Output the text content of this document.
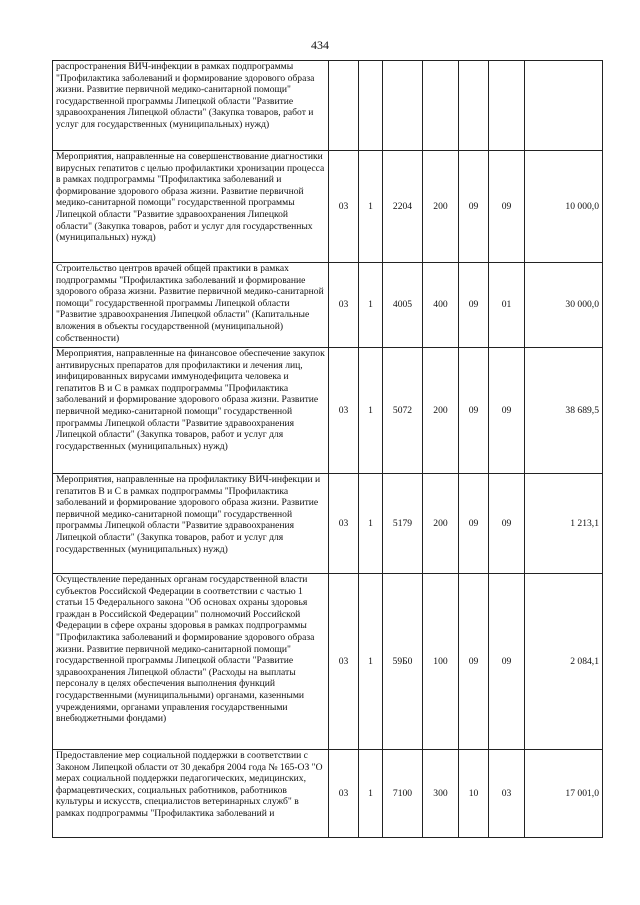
434
распространения ВИЧ-инфекции в рамках подпрограммы "Профилактика заболеваний и формирование здорового образа жизни. Развитие первичной медико-санитарной помощи" государственной программы Липецкой области "Развитие здравоохранения Липецкой области" (Закупка товаров, работ и услуг для государственных (муниципальных) нужд)							
Мероприятия, направленные на совершенствование диагностики вирусных гепатитов с целью профилактики хронизации процесса в рамках подпрограммы "Профилактика заболеваний и формирование здорового образа жизни. Развитие первичной медико-санитарной помощи" государственной программы Липецкой области "Развитие здравоохранения Липецкой области" (Закупка товаров, работ и услуг для государственных (муниципальных) нужд)	03	1	2204	200	09	09	10 000,0
Строительство центров врачей общей практики в рамках подпрограммы "Профилактика заболеваний и формирование здорового образа жизни. Развитие первичной медико-санитарной помощи" государственной программы Липецкой области "Развитие здравоохранения Липецкой области" (Капитальные вложения в объекты государственной (муниципальной) собственности)	03	1	4005	400	09	01	30 000,0
Мероприятия, направленные на финансовое обеспечение закупок антивирусных препаратов для профилактики и лечения лиц, инфицированных вирусами иммунодефицита человека и гепатитов В и С в рамках подпрограммы "Профилактика заболеваний и формирование здорового образа жизни. Развитие первичной медико-санитарной помощи" государственной программы Липецкой области "Развитие здравоохранения Липецкой области" (Закупка товаров, работ и услуг для государственных (муниципальных) нужд)	03	1	5072	200	09	09	38 689,5
Мероприятия, направленные на профилактику ВИЧ-инфекции и гепатитов В и С в рамках подпрограммы "Профилактика заболеваний и формирование здорового образа жизни. Развитие первичной медико-санитарной помощи" государственной программы Липецкой области "Развитие здравоохранения Липецкой области" (Закупка товаров, работ и услуг для государственных (муниципальных) нужд)	03	1	5179	200	09	09	1 213,1
Осуществление переданных органам государственной власти субъектов Российской Федерации в соответствии с частью 1 статьи 15 Федерального закона "Об основах охраны здоровья граждан в Российской Федерации" полномочий Российской Федерации в сфере охраны здоровья в рамках подпрограммы "Профилактика заболеваний и формирование здорового образа жизни. Развитие первичной медико-санитарной помощи" государственной программы Липецкой области "Развитие здравоохранения Липецкой области" (Расходы на выплаты персоналу в целях обеспечения выполнения функций государственными (муниципальными) органами, казенными учреждениями, органами управления государственными внебюджетными фондами)	03	1	59Б0	100	09	09	2 084,1
Предоставление мер социальной поддержки в соответствии с Законом Липецкой области от 30 декабря 2004 года № 165-ОЗ "О мерах социальной поддержки педагогических, медицинских, фармацевтических, социальных работников, работников культуры и искусств, специалистов ветеринарных служб" в рамках подпрограммы "Профилактика заболеваний и	03	1	7100	300	10	03	17 001,0
